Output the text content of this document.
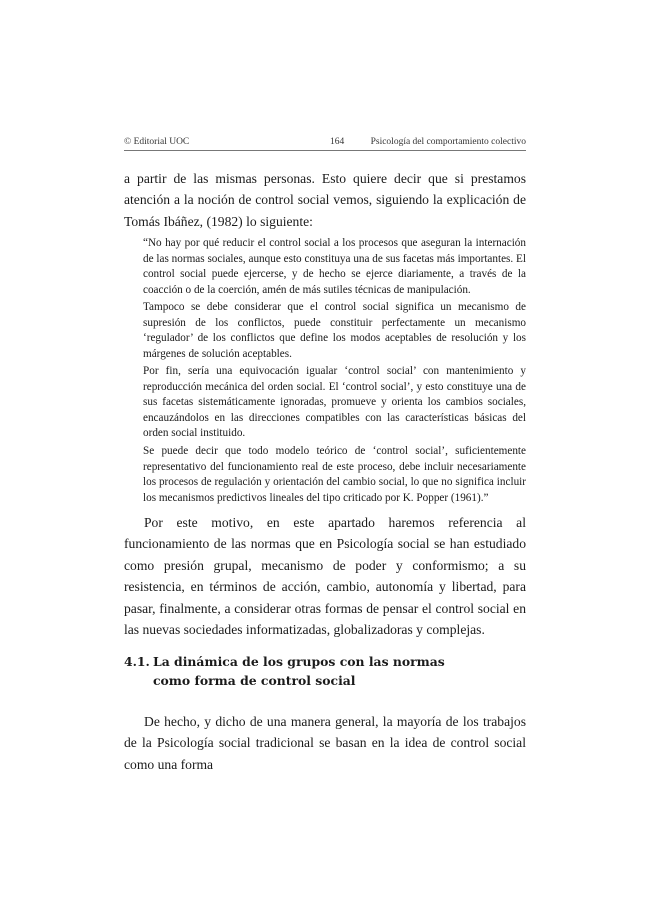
© Editorial UOC	164	Psicología del comportamiento colectivo

a partir de las mismas personas. Esto quiere decir que si prestamos atención a la noción de control social vemos, siguiendo la explicación de Tomás Ibáñez, (1982) lo siguiente:

“No hay por qué reducir el control social a los procesos que aseguran la internación de las normas sociales, aunque esto constituya una de sus facetas más importantes. El control social puede ejercerse, y de hecho se ejerce diariamente, a través de la coacción o de la coerción, amén de más sutiles técnicas de manipulación.

Tampoco se debe considerar que el control social significa un mecanismo de supresión de los conflictos, puede constituir perfectamente un mecanismo ‘regulador’ de los conflictos que define los modos aceptables de resolución y los márgenes de solución aceptables.

Por fin, sería una equivocación igualar ‘control social’ con mantenimiento y reproducción mecánica del orden social. El ‘control social’, y esto constituye una de sus facetas sistemáticamente ignoradas, promueve y orienta los cambios sociales, encauzándolos en las direcciones compatibles con las características básicas del orden social instituido.

Se puede decir que todo modelo teórico de ‘control social’, suficientemente representativo del funcionamiento real de este proceso, debe incluir necesariamente los procesos de regulación y orientación del cambio social, lo que no significa incluir los mecanismos predictivos lineales del tipo criticado por K. Popper (1961).”

Por este motivo, en este apartado haremos referencia al funcionamiento de las normas que en Psicología social se han estudiado como presión grupal, mecanismo de poder y conformismo; a su resistencia, en términos de acción, cambio, autonomía y libertad, para pasar, finalmente, a considerar otras formas de pensar el control social en las nuevas sociedades informatizadas, globalizadoras y complejas.

4.1. La dinámica de los grupos con las normas
como forma de control social

De hecho, y dicho de una manera general, la mayoría de los trabajos de la Psicología social tradicional se basan en la idea de control social como una forma
